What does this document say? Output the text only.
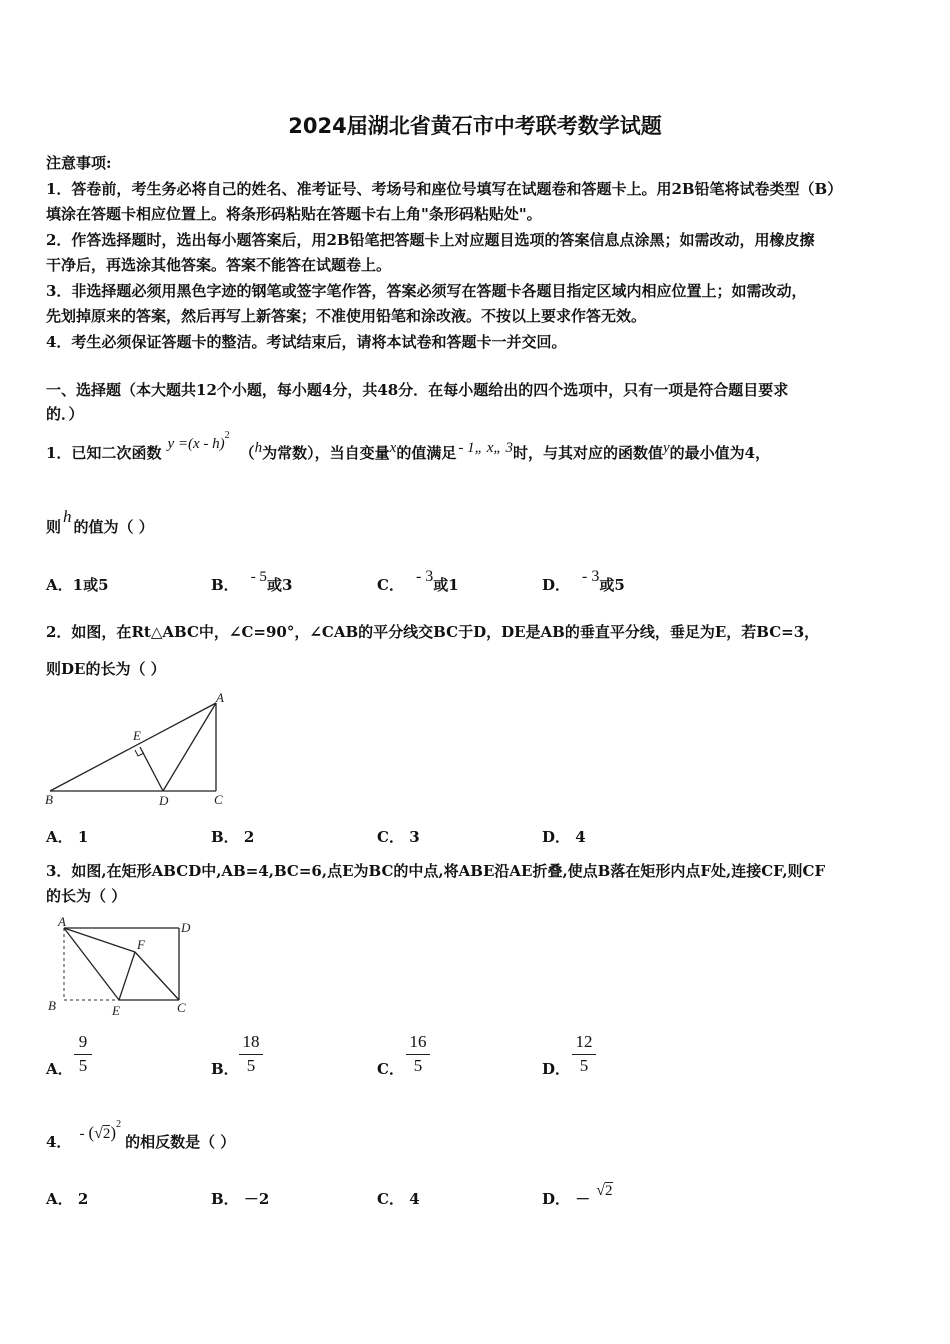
2024届湖北省黄石市中考联考数学试题
注意事项:
1．答卷前，考生务必将自己的姓名、准考证号、考场号和座位号填写在试题卷和答题卡上。用2B铅笔将试卷类型（B）
填涂在答题卡相应位置上。将条形码粘贴在答题卡右上角"条形码粘贴处"。
2．作答选择题时，选出每小题答案后，用2B铅笔把答题卡上对应题目选项的答案信息点涂黑；如需改动，用橡皮擦
干净后，再选涂其他答案。答案不能答在试题卷上。
3．非选择题必须用黑色字迹的钢笔或签字笔作答，答案必须写在答题卡各题目指定区域内相应位置上；如需改动，
先划掉原来的答案，然后再写上新答案；不准使用铅笔和涂改液。不按以上要求作答无效。
4．考生必须保证答题卡的整洁。考试结束后，请将本试卷和答题卡一并交回。
一、选择题（本大题共12个小题，每小题4分，共48分．在每小题给出的四个选项中，只有一项是符合题目要求
的．）
1．已知二次函数 y =(x - h)$^2$（h为常数），当自变量x的值满足 - 1„ x„ 3时，与其对应的函数值y的最小值为4，
则h的值为（ ）
A．1或5	B． - 5或3	C． - 3或1	D． - 3或5
2．如图，在Rt△ABC中，∠C=90°，∠CAB的平分线交BC于D，DE是AB的垂直平分线，垂足为E，若BC=3，
则DE的长为（ ）
A
B	C
D
E
A． 1	B． 2	C． 3	D． 4
3．如图,在矩形ABCD中,AB=4,BC=6,点E为BC的中点,将ABE沿AE折叠,使点B落在矩形内点F处,连接CF,则CF
的长为（ ）
A	D
F
B	E	C
A． $\frac{9}{5}$	B． $\frac{18}{5}$	C． $\frac{16}{5}$	D． $\frac{12}{5}$
4． - $(√2)^2$的相反数是（ ）
A． 2	B． －2	C． 4	D． － √2
